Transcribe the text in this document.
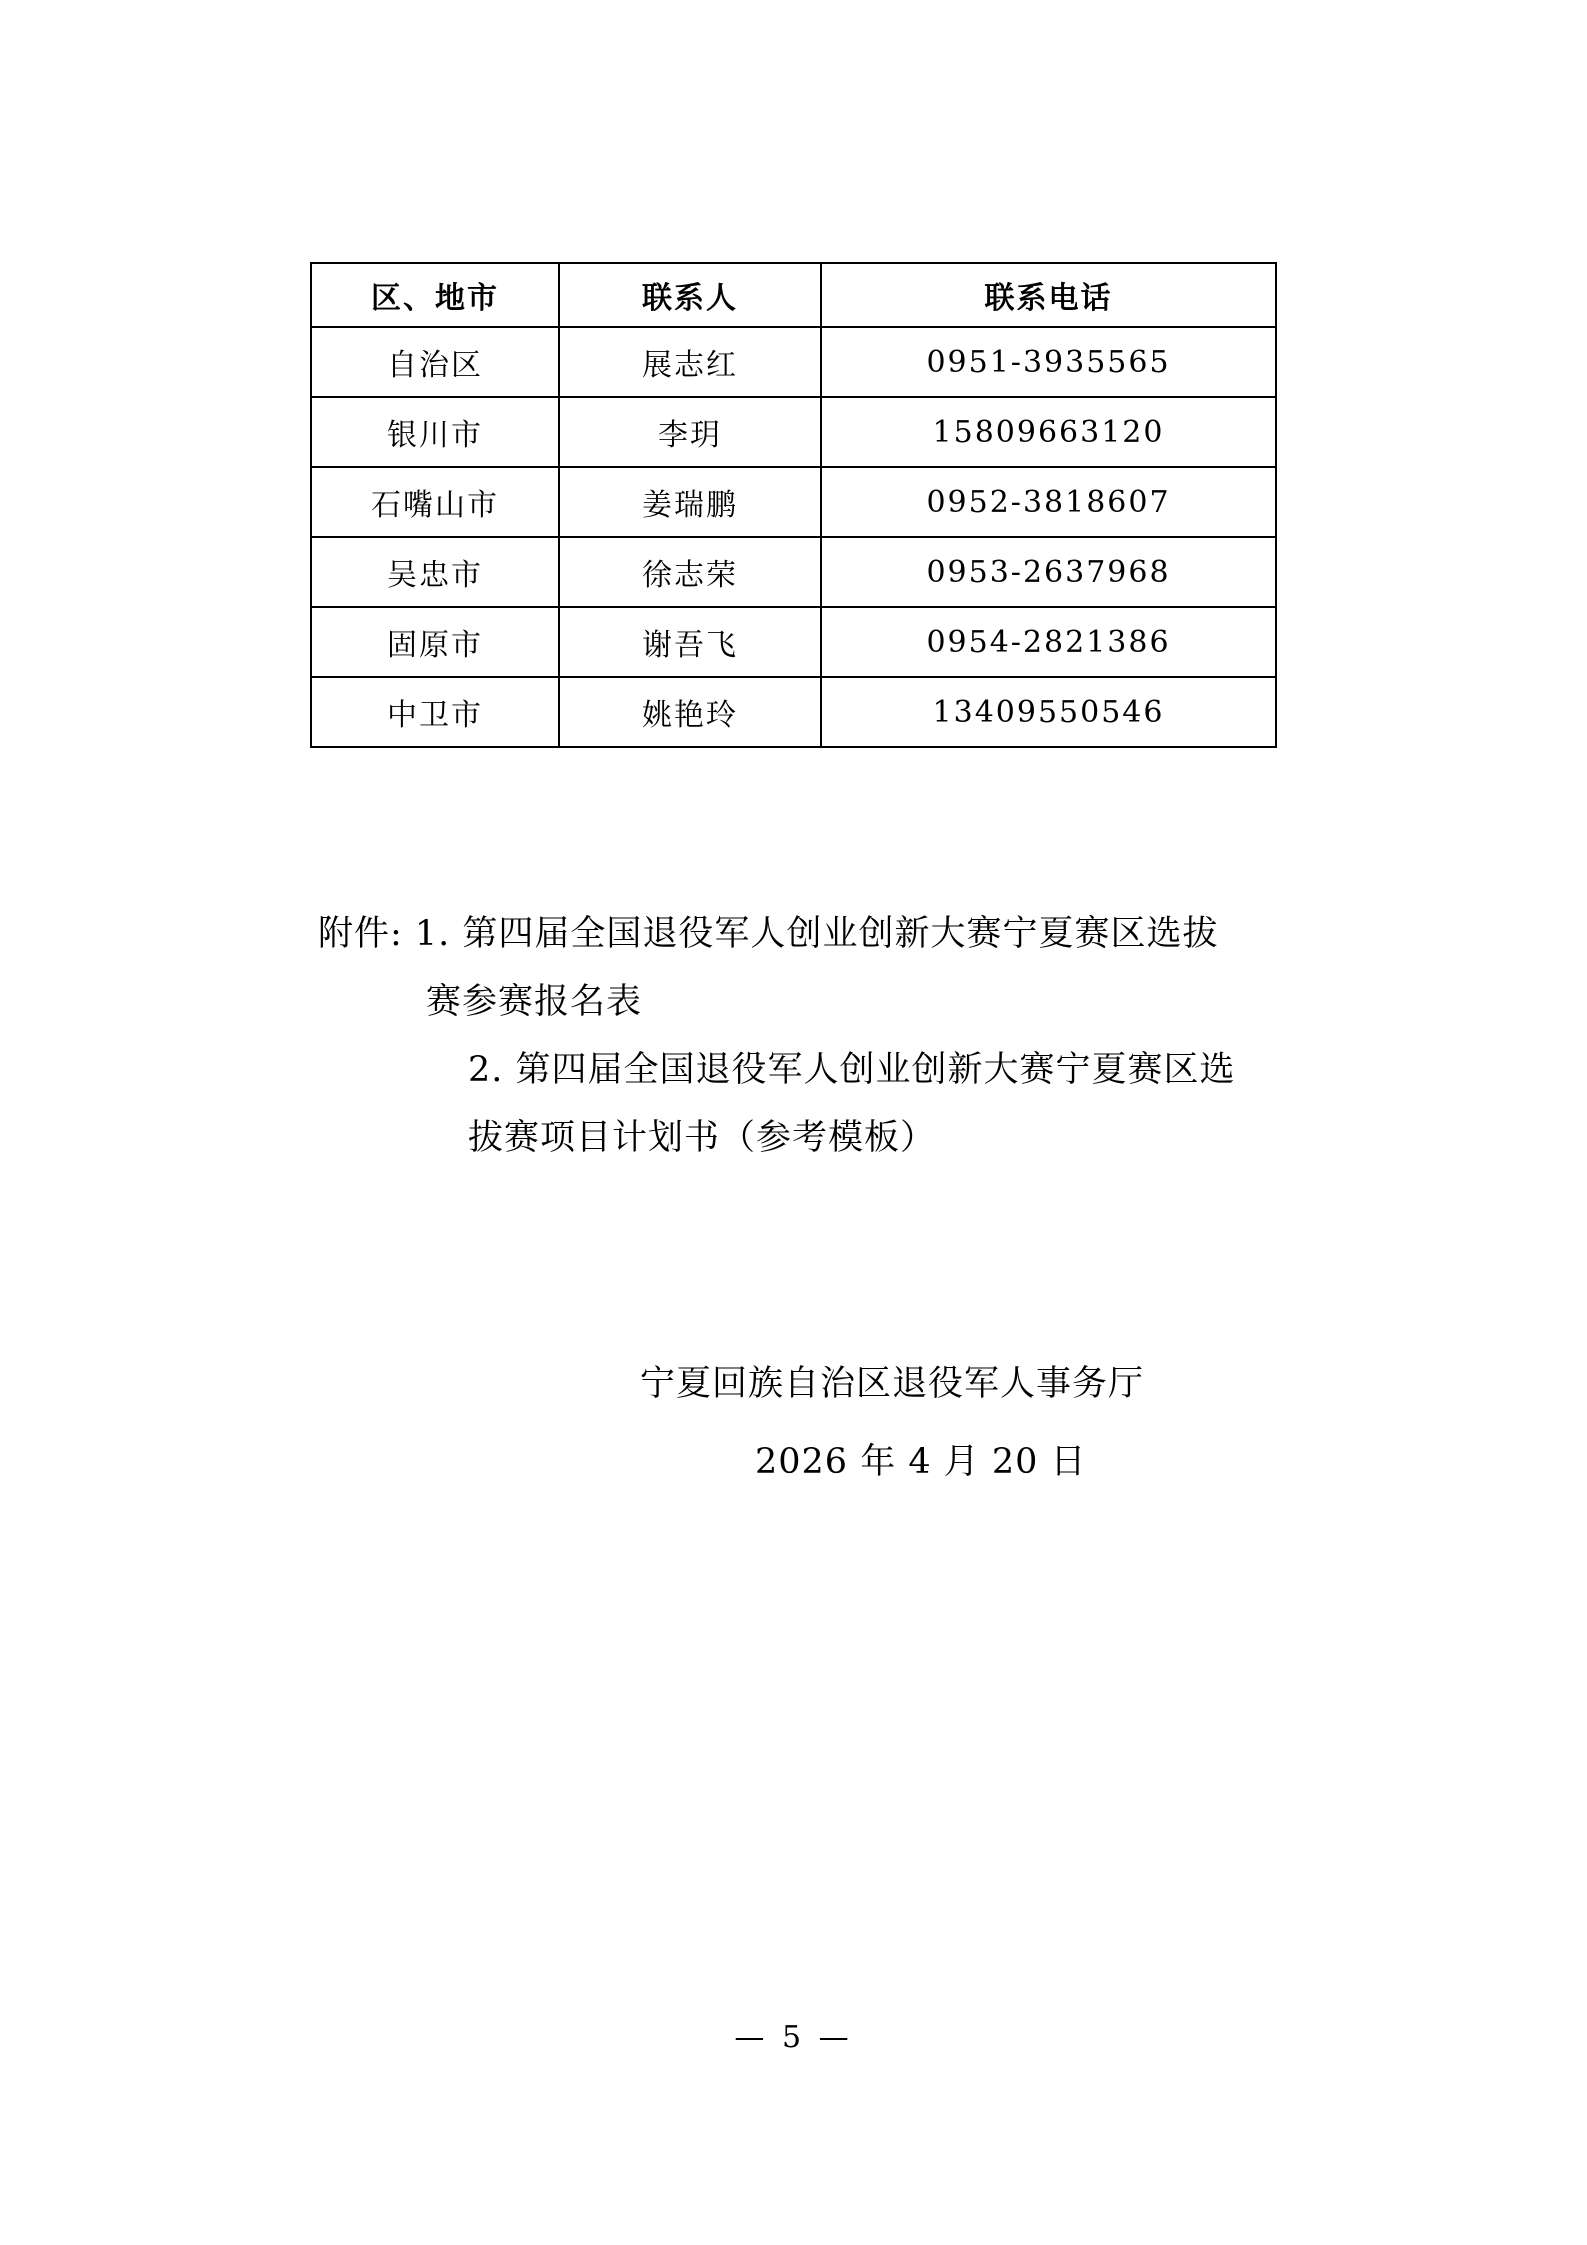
区、地市	联系人	联系电话
自治区	展志红	0951-3935565
银川市	李玥	15809663120
石嘴山市	姜瑞鹏	0952-3818607
吴忠市	徐志荣	0953-2637968
固原市	谢吾飞	0954-2821386
中卫市	姚艳玲	13409550546
附件: 1. 第四届全国退役军人创业创新大赛宁夏赛区选拔
赛参赛报名表
2. 第四届全国退役军人创业创新大赛宁夏赛区选
拔赛项目计划书（参考模板）
宁夏回族自治区退役军人事务厅
2026 年 4 月 20 日
— 5 —
